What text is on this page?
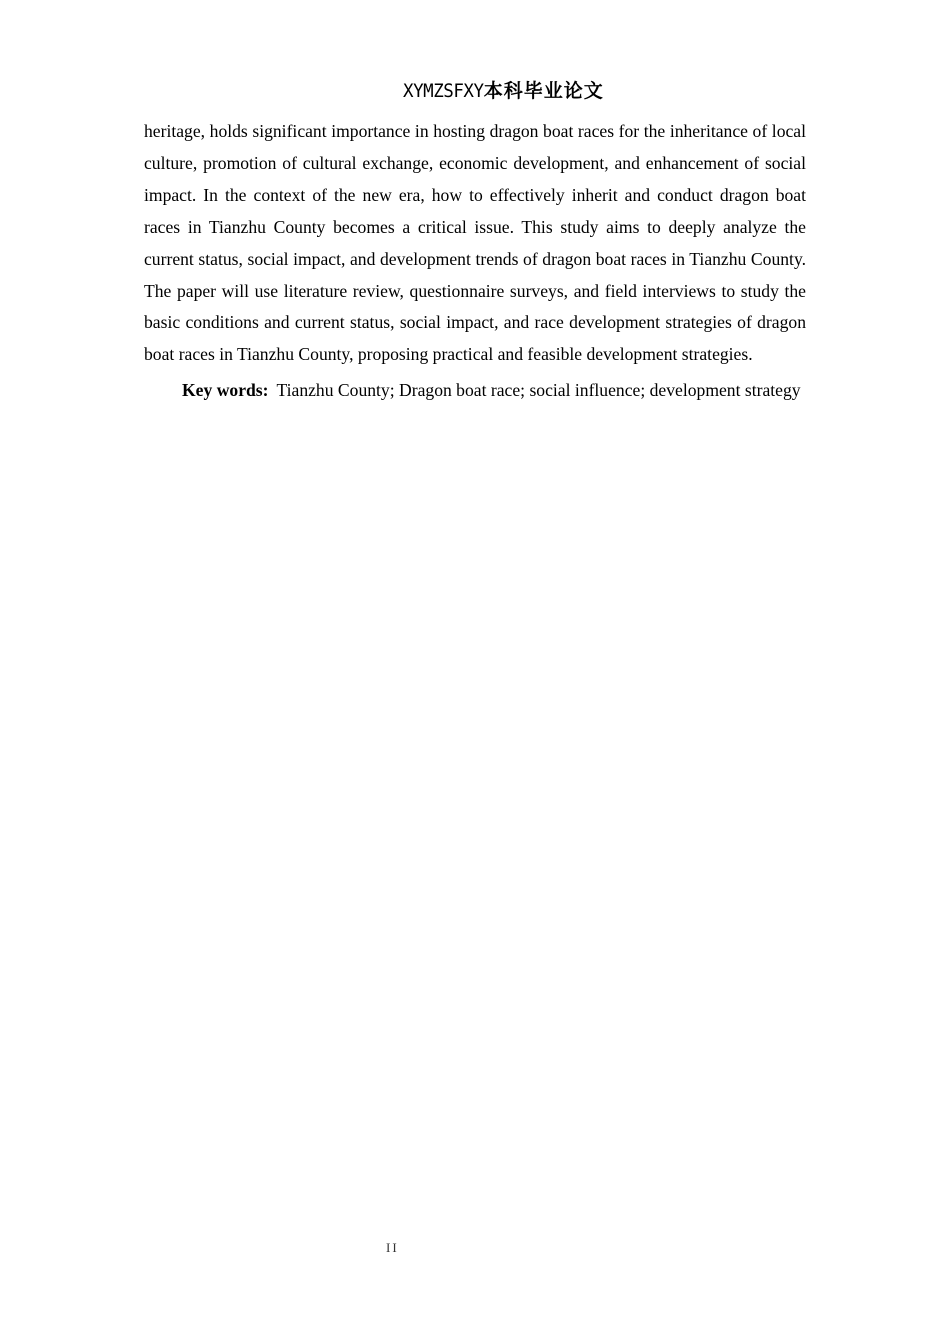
XYMZSFXY本科毕业论文

heritage, holds significant importance in hosting dragon boat races for the inheritance of local culture, promotion of cultural exchange, economic development, and enhancement of social impact. In the context of the new era, how to effectively inherit and conduct dragon boat races in Tianzhu County becomes a critical issue. This study aims to deeply analyze the current status, social impact, and development trends of dragon boat races in Tianzhu County. The paper will use literature review, questionnaire surveys, and field interviews to study the basic conditions and current status, social impact, and race development strategies of dragon boat races in Tianzhu County, proposing practical and feasible development strategies.

Key words: Tianzhu County; Dragon boat race; social influence; development strategy

II
